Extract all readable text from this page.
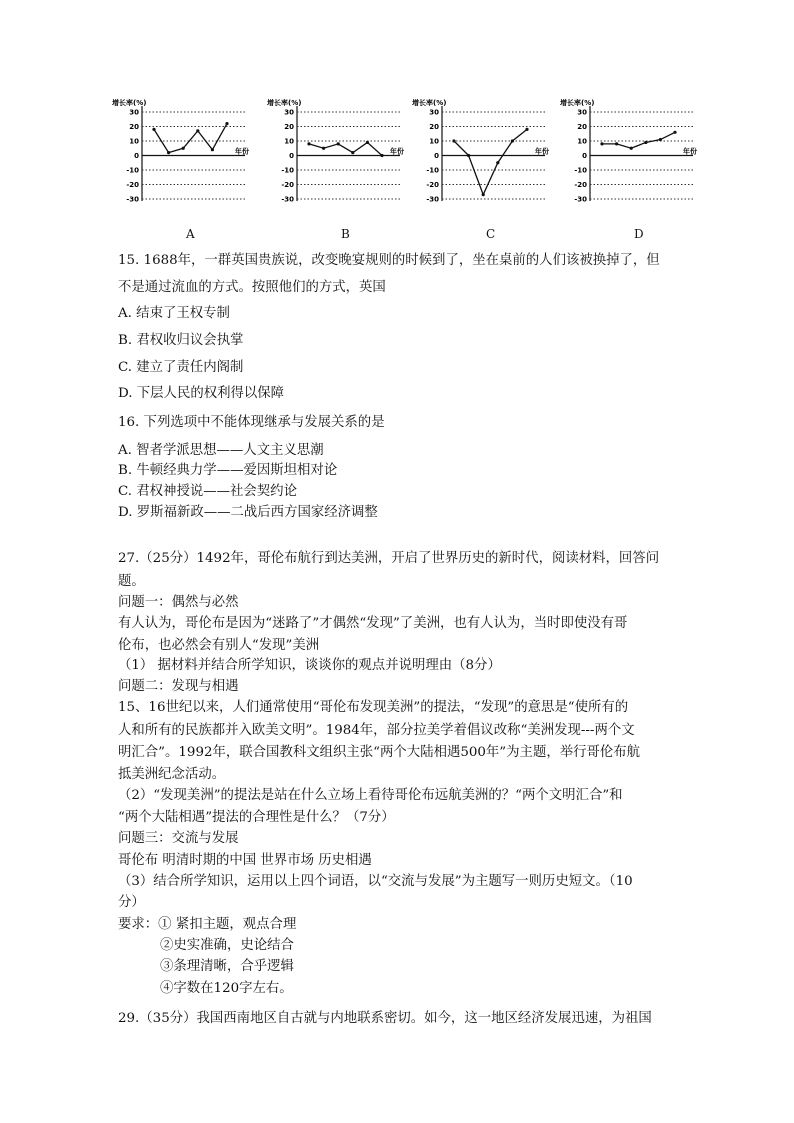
增长率(%)
30
20
10
0
-10
-20
-30
年份
A
增长率(%)
30
20
10
0
-10
-20
-30
年份
B
增长率(%)
30
20
10
0
-10
-20
-30
年份
C
增长率(%)
30
20
10
0
-10
-20
-30
年份
D
15. 1688年，一群英国贵族说，改变晚宴规则的时候到了，坐在桌前的人们该被换掉了，但
不是通过流血的方式。按照他们的方式，英国
A. 结束了王权专制
B. 君权收归议会执掌
C. 建立了责任内阁制
D. 下层人民的权利得以保障
16. 下列选项中不能体现继承与发展关系的是
A. 智者学派思想——人文主义思潮
B. 牛顿经典力学——爱因斯坦相对论
C. 君权神授说——社会契约论
D. 罗斯福新政——二战后西方国家经济调整
27.（25分）1492年，哥伦布航行到达美洲，开启了世界历史的新时代，阅读材料，回答问
题。
问题一：偶然与必然
有人认为，哥伦布是因为“迷路了”才偶然“发现”了美洲，也有人认为，当时即使没有哥
伦布，也必然会有别人“发现”美洲
（1） 据材料并结合所学知识，谈谈你的观点并说明理由（8分）
问题二：发现与相遇
15、16世纪以来，人们通常使用“哥伦布发现美洲”的提法，“发现”的意思是“使所有的
人和所有的民族都并入欧美文明”。1984年，部分拉美学着倡议改称“美洲发现---两个文
明汇合”。1992年，联合国教科文组织主张“两个大陆相遇500年”为主题，举行哥伦布航
抵美洲纪念活动。
（2）“发现美洲”的提法是站在什么立场上看待哥伦布远航美洲的？“两个文明汇合”和
“两个大陆相遇”提法的合理性是什么？（7分）
问题三：交流与发展
哥伦布 明清时期的中国 世界市场 历史相遇
（3）结合所学知识，运用以上四个词语，以“交流与发展”为主题写一则历史短文。（10
分）
要求：① 紧扣主题，观点合理
②史实准确，史论结合
③条理清晰，合乎逻辑
④字数在120字左右。
29.（35分）我国西南地区自古就与内地联系密切。如今，这一地区经济发展迅速，为祖国
